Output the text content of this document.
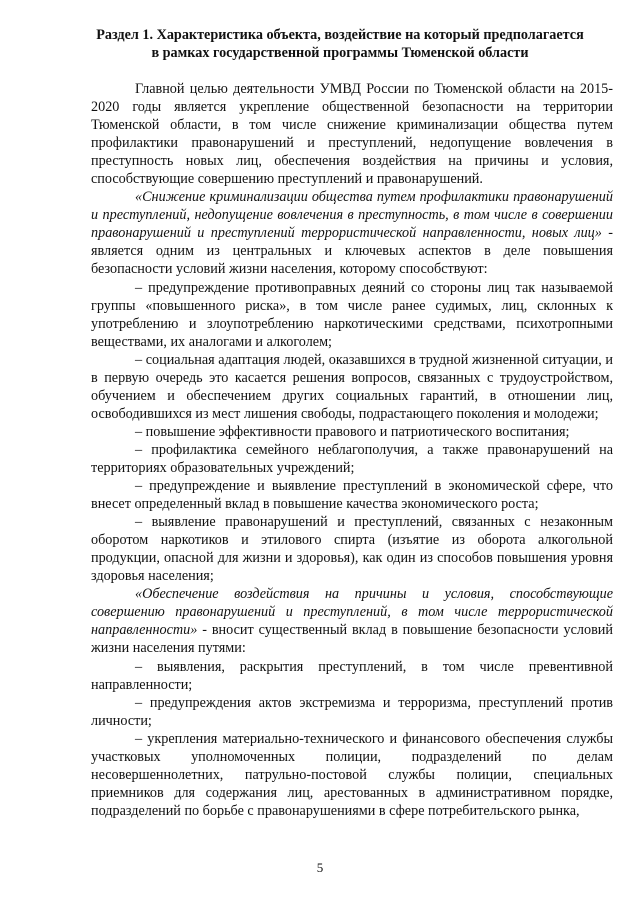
Раздел 1. Характеристика объекта, воздействие на который предполагается
в рамках государственной программы Тюменской области

Главной целью деятельности УМВД России по Тюменской области на 2015-2020 годы является укрепление общественной безопасности на территории Тюменской области, в том числе снижение криминализации общества путем профилактики правонарушений и преступлений, недопущение вовлечения в преступность новых лиц, обеспечения воздействия на причины и условия, способствующие совершению преступлений и правонарушений.

«Снижение криминализации общества путем профилактики правонарушений и преступлений, недопущение вовлечения в преступность, в том числе в совершении правонарушений и преступлений террористической направленности, новых лиц» - является одним из центральных и ключевых аспектов в деле повышения безопасности условий жизни населения, которому способствуют:

– предупреждение противоправных деяний со стороны лиц так называемой группы «повышенного риска», в том числе ранее судимых, лиц, склонных к употреблению и злоупотреблению наркотическими средствами, психотропными веществами, их аналогами и алкоголем;

– социальная адаптация людей, оказавшихся в трудной жизненной ситуации, и в первую очередь это касается решения вопросов, связанных с трудоустройством, обучением и обеспечением других социальных гарантий, в отношении лиц, освободившихся из мест лишения свободы, подрастающего поколения и молодежи;

– повышение эффективности правового и патриотического воспитания;

– профилактика семейного неблагополучия, а также правонарушений на территориях образовательных учреждений;

– предупреждение и выявление преступлений в экономической сфере, что внесет определенный вклад в повышение качества экономического роста;

– выявление правонарушений и преступлений, связанных с незаконным оборотом наркотиков и этилового спирта (изъятие из оборота алкогольной продукции, опасной для жизни и здоровья), как один из способов повышения уровня здоровья населения;

«Обеспечение воздействия на причины и условия, способствующие совершению правонарушений и преступлений, в том числе террористической направленности» - вносит существенный вклад в повышение безопасности условий жизни населения путями:

– выявления, раскрытия преступлений, в том числе превентивной направленности;

– предупреждения актов экстремизма и терроризма, преступлений против личности;

– укрепления материально-технического и финансового обеспечения службы участковых уполномоченных полиции, подразделений по делам несовершеннолетних, патрульно-постовой службы полиции, специальных приемников для содержания лиц, арестованных в административном порядке, подразделений по борьбе с правонарушениями в сфере потребительского рынка,

5
